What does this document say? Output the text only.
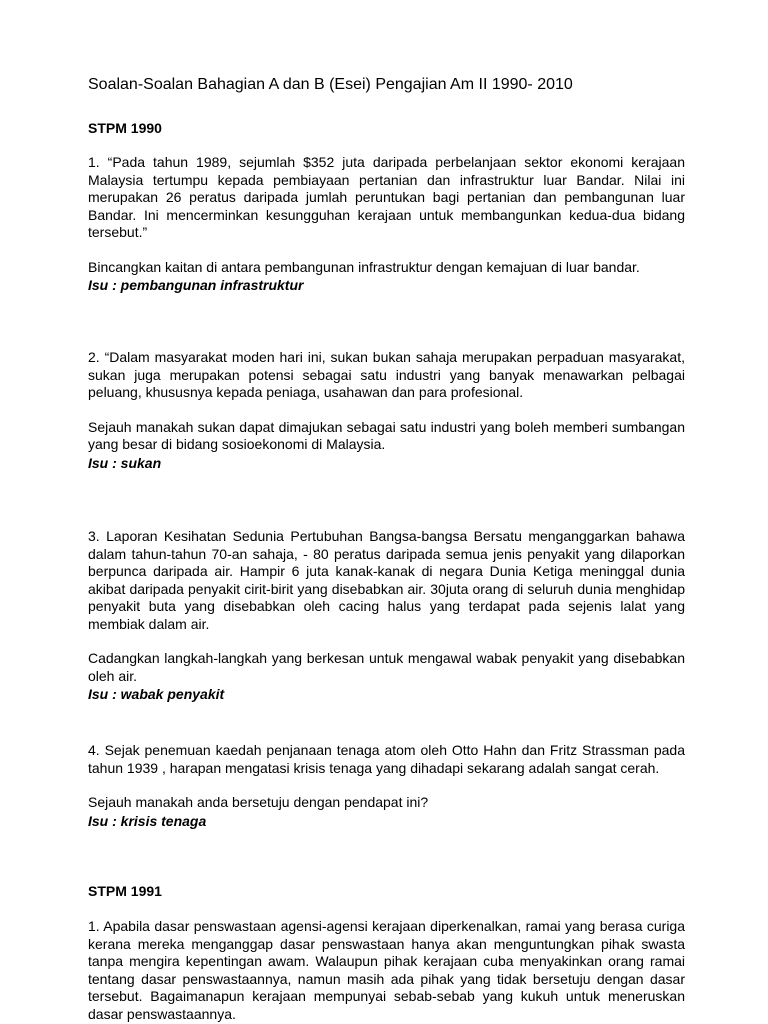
Soalan-Soalan Bahagian A dan B (Esei) Pengajian Am II 1990- 2010
STPM 1990

1. “Pada tahun 1989, sejumlah $352 juta daripada perbelanjaan sektor ekonomi kerajaan Malaysia tertumpu kepada pembiayaan pertanian dan infrastruktur luar Bandar. Nilai ini merupakan 26 peratus daripada jumlah peruntukan bagi pertanian dan pembangunan luar Bandar. Ini mencerminkan kesungguhan kerajaan untuk membangunkan kedua-dua bidang tersebut.”

Bincangkan kaitan di antara pembangunan infrastruktur dengan kemajuan di luar bandar.

Isu : pembangunan infrastruktur

2. “Dalam masyarakat moden hari ini, sukan bukan sahaja merupakan perpaduan masyarakat, sukan juga merupakan potensi sebagai satu industri yang banyak menawarkan pelbagai peluang, khususnya kepada peniaga, usahawan dan para profesional.

Sejauh manakah sukan dapat dimajukan sebagai satu industri yang boleh memberi sumbangan yang besar di bidang sosioekonomi di Malaysia.

Isu : sukan

3. Laporan Kesihatan Sedunia Pertubuhan Bangsa-bangsa Bersatu menganggarkan bahawa dalam tahun-tahun 70-an sahaja, - 80 peratus daripada semua jenis penyakit yang dilaporkan berpunca daripada air. Hampir 6 juta kanak-kanak di negara Dunia Ketiga meninggal dunia akibat daripada penyakit cirit-birit yang disebabkan air. 30juta orang di seluruh dunia menghidap penyakit buta yang disebabkan oleh cacing halus yang terdapat pada sejenis lalat yang membiak dalam air.

Cadangkan langkah-langkah yang berkesan untuk mengawal wabak penyakit yang disebabkan oleh air.

Isu : wabak penyakit

4. Sejak penemuan kaedah penjanaan tenaga atom oleh Otto Hahn dan Fritz Strassman pada tahun 1939 , harapan mengatasi krisis tenaga yang dihadapi sekarang adalah sangat cerah.

Sejauh manakah anda bersetuju dengan pendapat ini?

Isu : krisis tenaga

STPM 1991

1. Apabila dasar penswastaan agensi-agensi kerajaan diperkenalkan, ramai yang berasa curiga kerana mereka menganggap dasar penswastaan hanya akan menguntungkan pihak swasta tanpa mengira kepentingan awam. Walaupun pihak kerajaan cuba menyakinkan orang ramai tentang dasar penswastaannya, namun masih ada pihak yang tidak bersetuju dengan dasar tersebut. Bagaimanapun kerajaan mempunyai sebab-sebab yang kukuh untuk meneruskan dasar penswastaannya.
